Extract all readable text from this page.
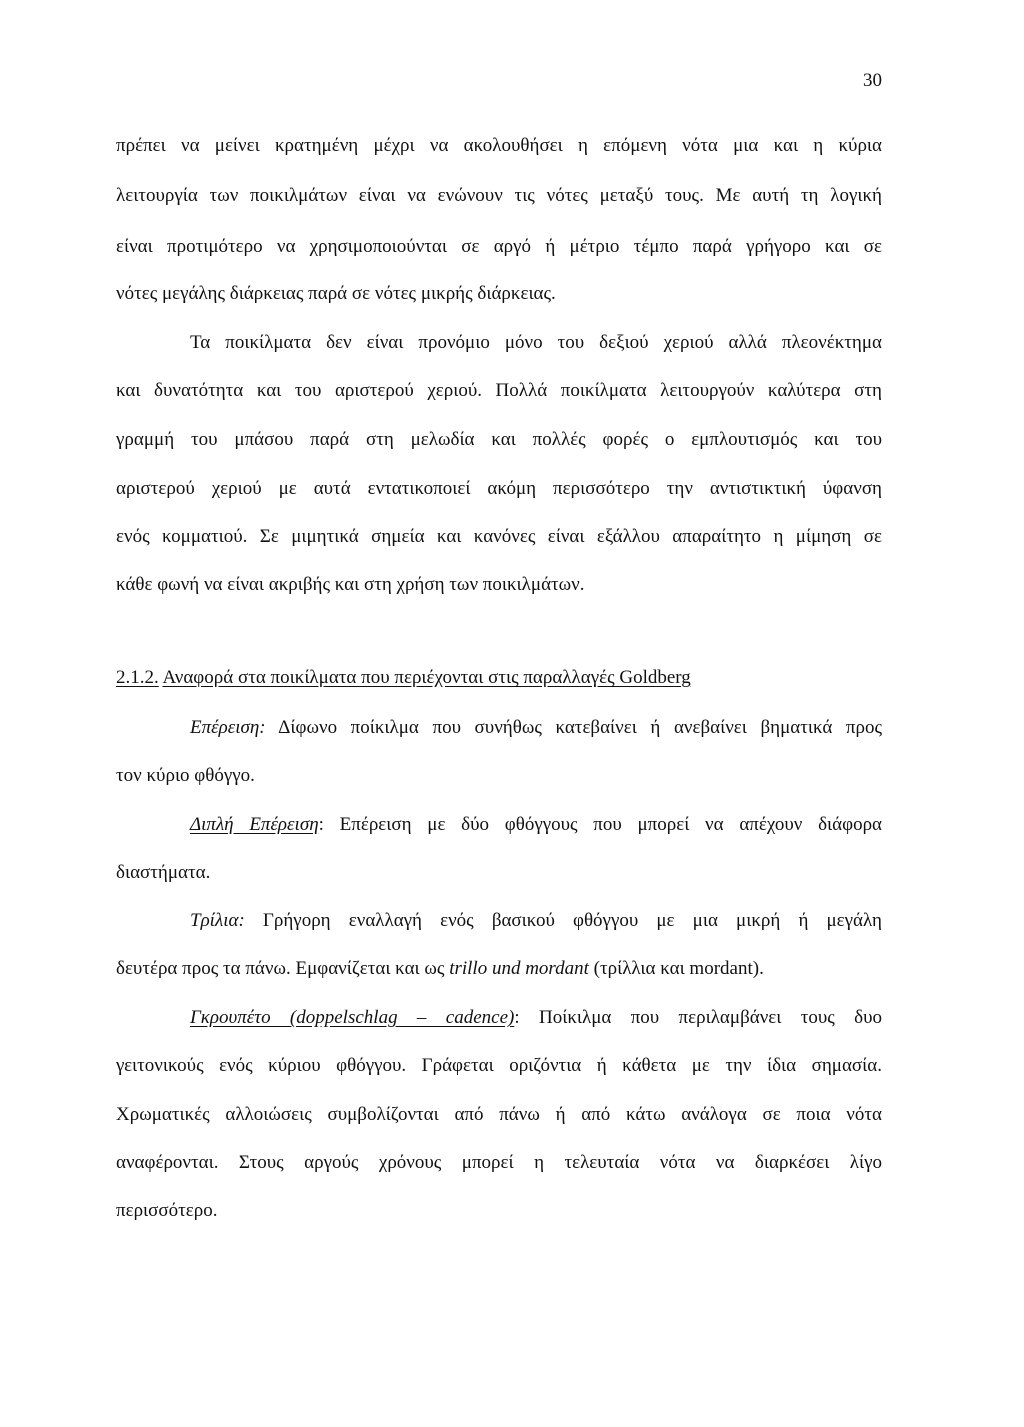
30
πρέπει να μείνει κρατημένη μέχρι να ακολουθήσει η επόμενη νότα μια και η κύρια
λειτουργία των ποικιλμάτων είναι να ενώνουν τις νότες μεταξύ τους. Με αυτή τη λογική
είναι προτιμότερο να χρησιμοποιούνται σε αργό ή μέτριο τέμπο παρά γρήγορο και σε
νότες μεγάλης διάρκειας παρά σε νότες μικρής διάρκειας.
Τα ποικίλματα δεν είναι προνόμιο μόνο του δεξιού χεριού αλλά πλεονέκτημα
και δυνατότητα και του αριστερού χεριού. Πολλά ποικίλματα λειτουργούν καλύτερα στη
γραμμή του μπάσου παρά στη μελωδία και πολλές φορές ο εμπλουτισμός και του
αριστερού χεριού με αυτά εντατικοποιεί ακόμη περισσότερο την αντιστικτική ύφανση
ενός κομματιού. Σε μιμητικά σημεία και κανόνες είναι εξάλλου απαραίτητο η μίμηση σε
κάθε φωνή να είναι ακριβής και στη χρήση των ποικιλμάτων.
2.1.2. Αναφορά στα ποικίλματα που περιέχονται στις παραλλαγές Goldberg
Επέρειση: Δίφωνο ποίκιλμα που συνήθως κατεβαίνει ή ανεβαίνει βηματικά προς
τον κύριο φθόγγο.
Διπλή Επέρειση: Επέρειση με δύο φθόγγους που μπορεί να απέχουν διάφορα
διαστήματα.
Τρίλια: Γρήγορη εναλλαγή ενός βασικού φθόγγου με μια μικρή ή μεγάλη
δευτέρα προς τα πάνω. Εμφανίζεται και ως trillo und mordant (τρίλλια και mordant).
Γκρουπέτο (doppelschlag – cadence): Ποίκιλμα που περιλαμβάνει τους δυο
γειτονικούς ενός κύριου φθόγγου. Γράφεται οριζόντια ή κάθετα με την ίδια σημασία.
Χρωματικές αλλοιώσεις συμβολίζονται από πάνω ή από κάτω ανάλογα σε ποια νότα
αναφέρονται. Στους αργούς χρόνους μπορεί η τελευταία νότα να διαρκέσει λίγο
περισσότερο.
